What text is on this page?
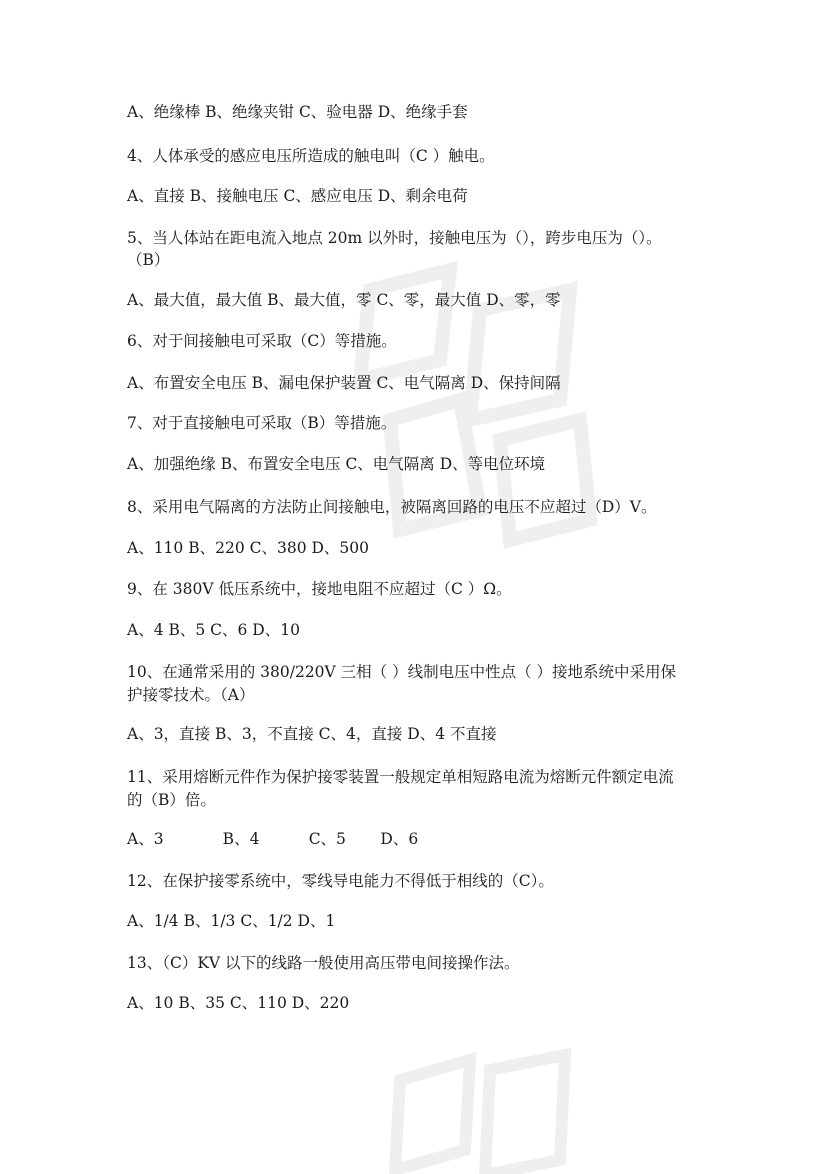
A、绝缘棒 B、绝缘夹钳 C、验电器 D、绝缘手套

4、人体承受的感应电压所造成的触电叫（C ）触电。

A、直接 B、接触电压 C、感应电压 D、剩余电荷

5、当人体站在距电流入地点 20m 以外时，接触电压为（），跨步电压为（）。

（B）

A、最大值，最大值 B、最大值，零 C、零，最大值 D、零，零

6、对于间接触电可采取（C）等措施。

A、布置安全电压 B、漏电保护装置 C、电气隔离 D、保持间隔

7、对于直接触电可采取（B）等措施。

A、加强绝缘 B、布置安全电压 C、电气隔离 D、等电位环境

8、采用电气隔离的方法防止间接触电，被隔离回路的电压不应超过（D）V。

A、110 B、220 C、380 D、500

9、在 380V 低压系统中，接地电阻不应超过（C ）Ω。

A、4 B、5 C、6 D、10

10、在通常采用的 380/220V 三相（ ）线制电压中性点（ ）接地系统中采用保

护接零技术。（A）

A、3，直接 B、3，不直接 C、4，直接 D、4 不直接

11、采用熔断元件作为保护接零装置一般规定单相短路电流为熔断元件额定电流

的（B）倍。

A、3            B、4          C、5       D、6

12、在保护接零系统中，零线导电能力不得低于相线的（C）。

A、1/4 B、1/3 C、1/2 D、1

13、（C）KV 以下的线路一般使用高压带电间接操作法。

A、10 B、35 C、110 D、220
